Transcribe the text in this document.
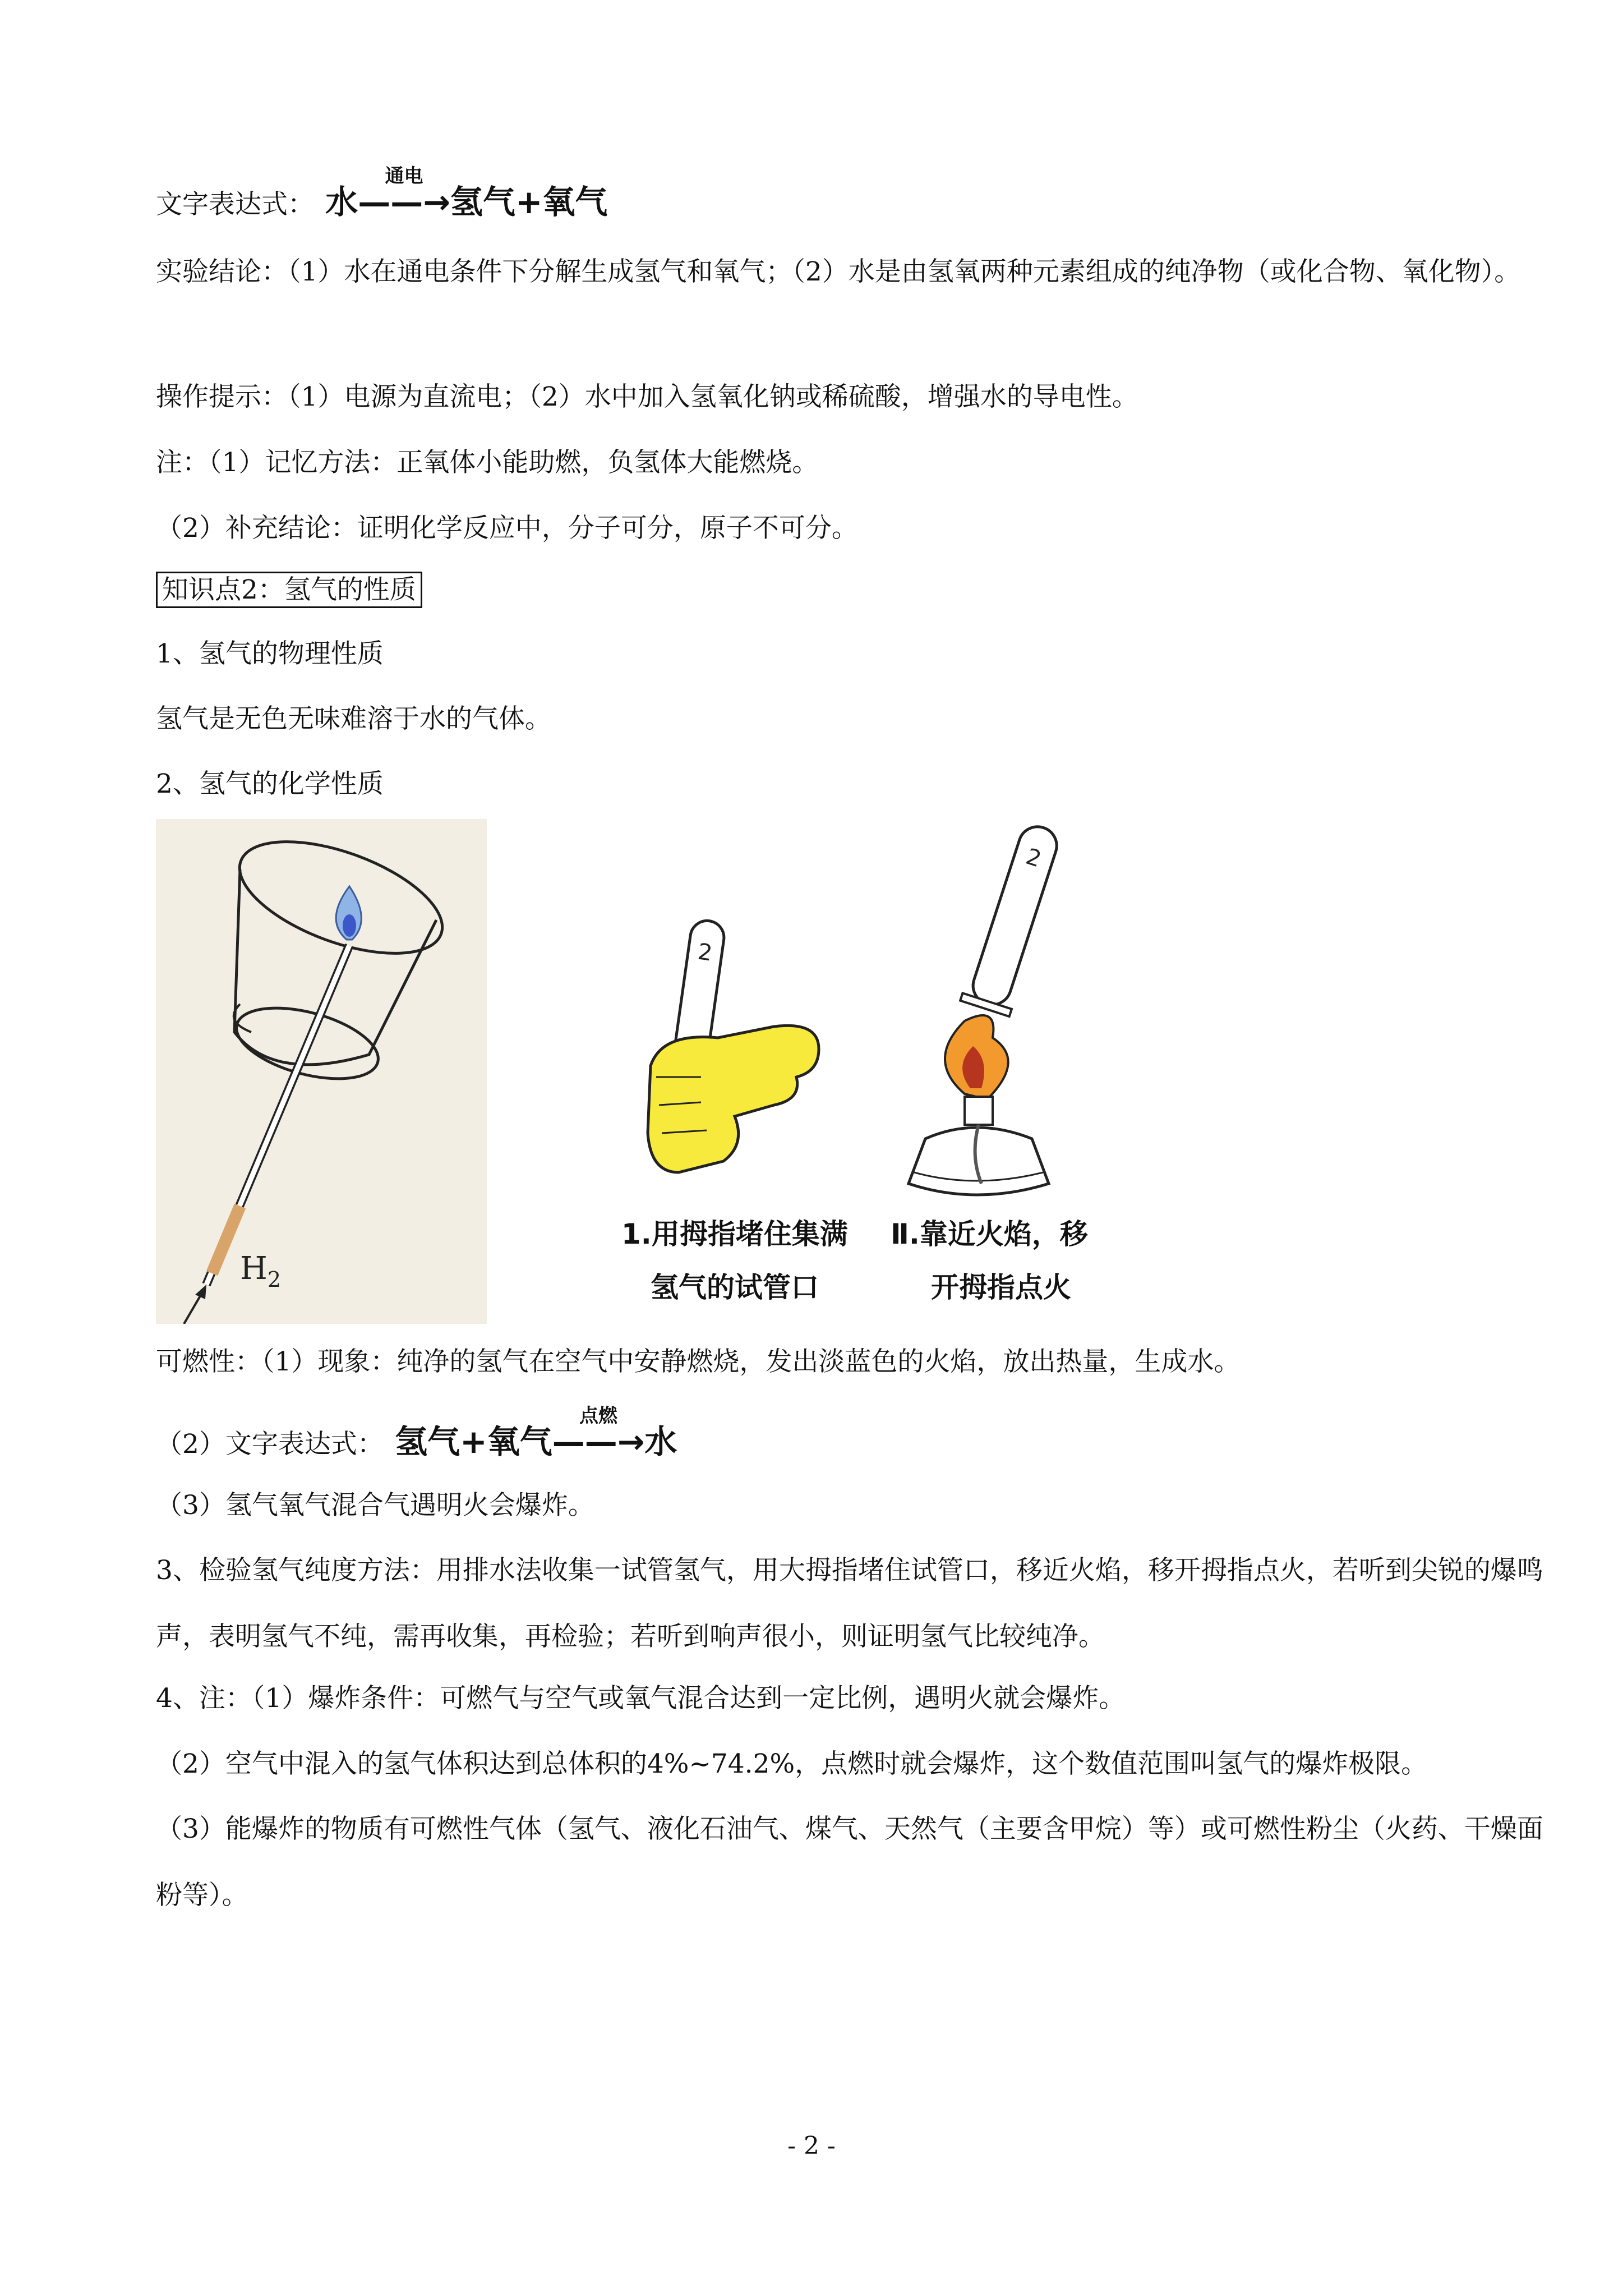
文字表达式： 水
通电
——→氢气+氧气
实验结论：（1）水在通电条件下分解生成氢气和氧气；（2）水是由氢氧两种元素组成的纯净物（或化合物、氧化物）。
操作提示：（1）电源为直流电；（2）水中加入氢氧化钠或稀硫酸，增强水的导电性。
注：（1）记忆方法：正氧体小能助燃，负氢体大能燃烧。
（2）补充结论：证明化学反应中，分子可分，原子不可分。
知识点2：氢气的性质
1、氢气的物理性质
氢气是无色无味难溶于水的气体。
2、氢气的化学性质
$H_2$
2
2
1.用拇指堵住集满
氢气的试管口
Ⅱ.靠近火焰，移
开拇指点火
可燃性：（1）现象：纯净的氢气在空气中安静燃烧，发出淡蓝色的火焰，放出热量，生成水。
（2）文字表达式： 氢气+氧气
点燃
——→水
（3）氢气氧气混合气遇明火会爆炸。
3、检验氢气纯度方法：用排水法收集一试管氢气，用大拇指堵住试管口，移近火焰，移开拇指点火，若听到尖锐的爆鸣声，表明氢气不纯，需再收集，再检验；若听到响声很小，则证明氢气比较纯净。
4、注：（1）爆炸条件：可燃气与空气或氧气混合达到一定比例，遇明火就会爆炸。
（2）空气中混入的氢气体积达到总体积的4%~74.2%，点燃时就会爆炸，这个数值范围叫氢气的爆炸极限。
（3）能爆炸的物质有可燃性气体（氢气、液化石油气、煤气、天然气（主要含甲烷）等）或可燃性粉尘（火药、干燥面粉等）。
- 2 -
